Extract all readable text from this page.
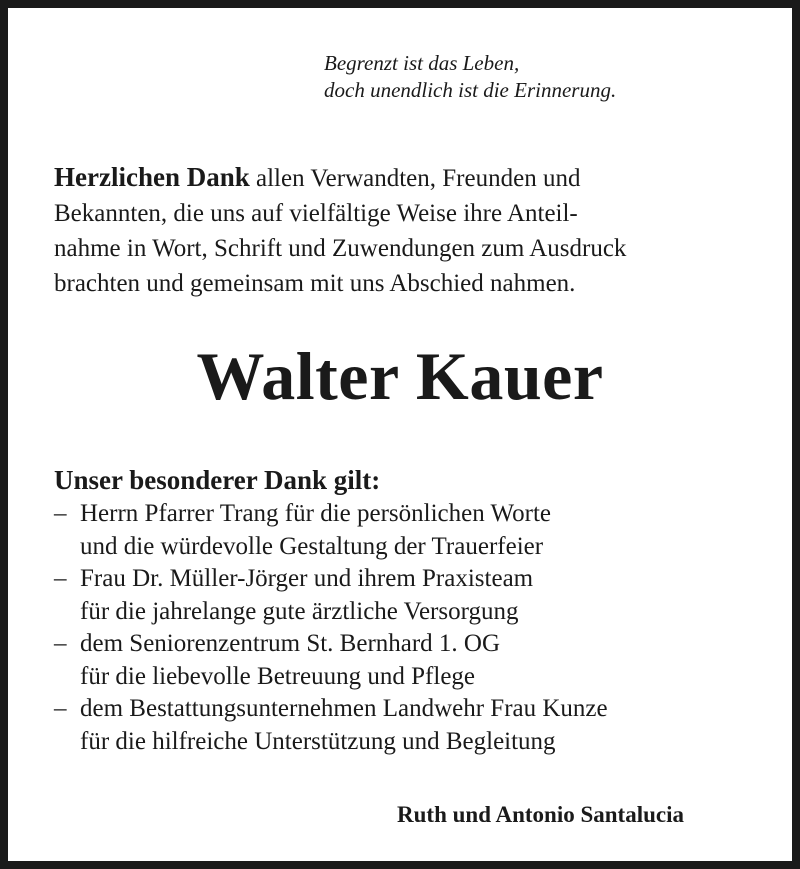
Begrenzt ist das Leben,
doch unendlich ist die Erinnerung.
Herzlichen Dank allen Verwandten, Freunden und
Bekannten, die uns auf vielfältige Weise ihre Anteil-
nahme in Wort, Schrift und Zuwendungen zum Ausdruck
brachten und gemeinsam mit uns Abschied nahmen.
Walter Kauer
Unser besonderer Dank gilt:
– Herrn Pfarrer Trang für die persönlichen Worte
und die würdevolle Gestaltung der Trauerfeier
– Frau Dr. Müller-Jörger und ihrem Praxisteam
für die jahrelange gute ärztliche Versorgung
– dem Seniorenzentrum St. Bernhard 1. OG
für die liebevolle Betreuung und Pflege
– dem Bestattungsunternehmen Landwehr Frau Kunze
für die hilfreiche Unterstützung und Begleitung
Ruth und Antonio Santalucia
